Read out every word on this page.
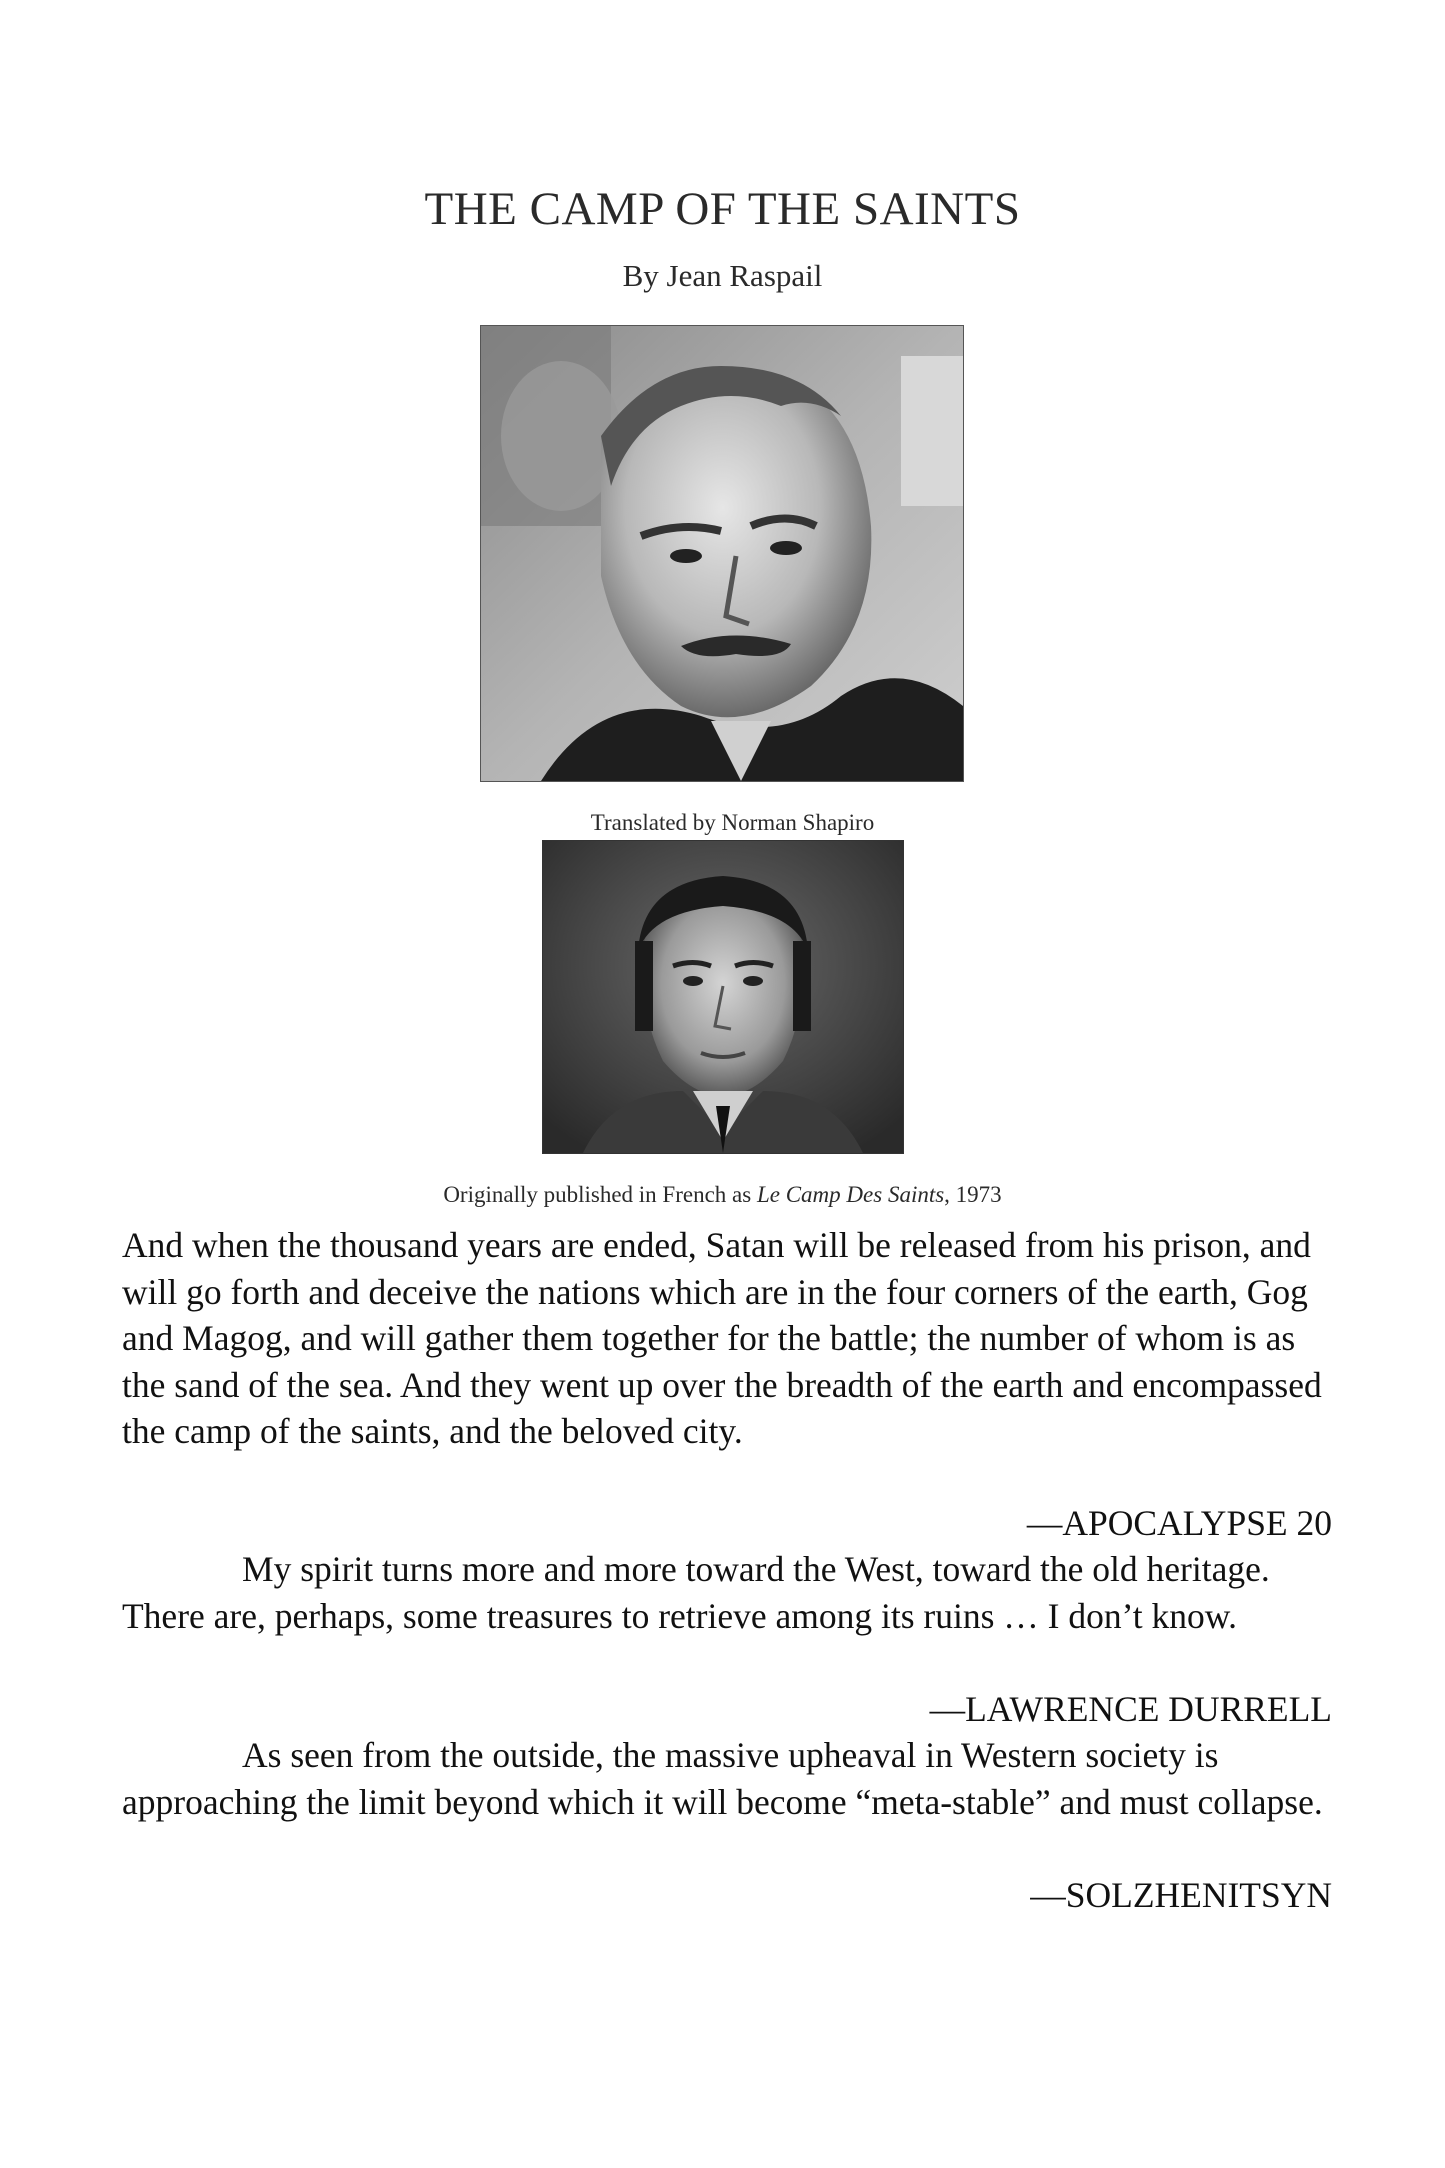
THE CAMP OF THE SAINTS
By Jean Raspail
Translated by Norman Shapiro
Originally published in French as Le Camp Des Saints, 1973

And when the thousand years are ended, Satan will be released from his prison, and will go forth and deceive the nations which are in the four corners of the earth, Gog and Magog, and will gather them together for the battle; the number of whom is as the sand of the sea. And they went up over the breadth of the earth and encompassed the camp of the saints, and the beloved city.

—APOCALYPSE 20

My spirit turns more and more toward the West, toward the old heritage. There are, perhaps, some treasures to retrieve among its ruins … I don’t know.

—LAWRENCE DURRELL

As seen from the outside, the massive upheaval in Western society is approaching the limit beyond which it will become “meta-stable” and must collapse.

—SOLZHENITSYN
